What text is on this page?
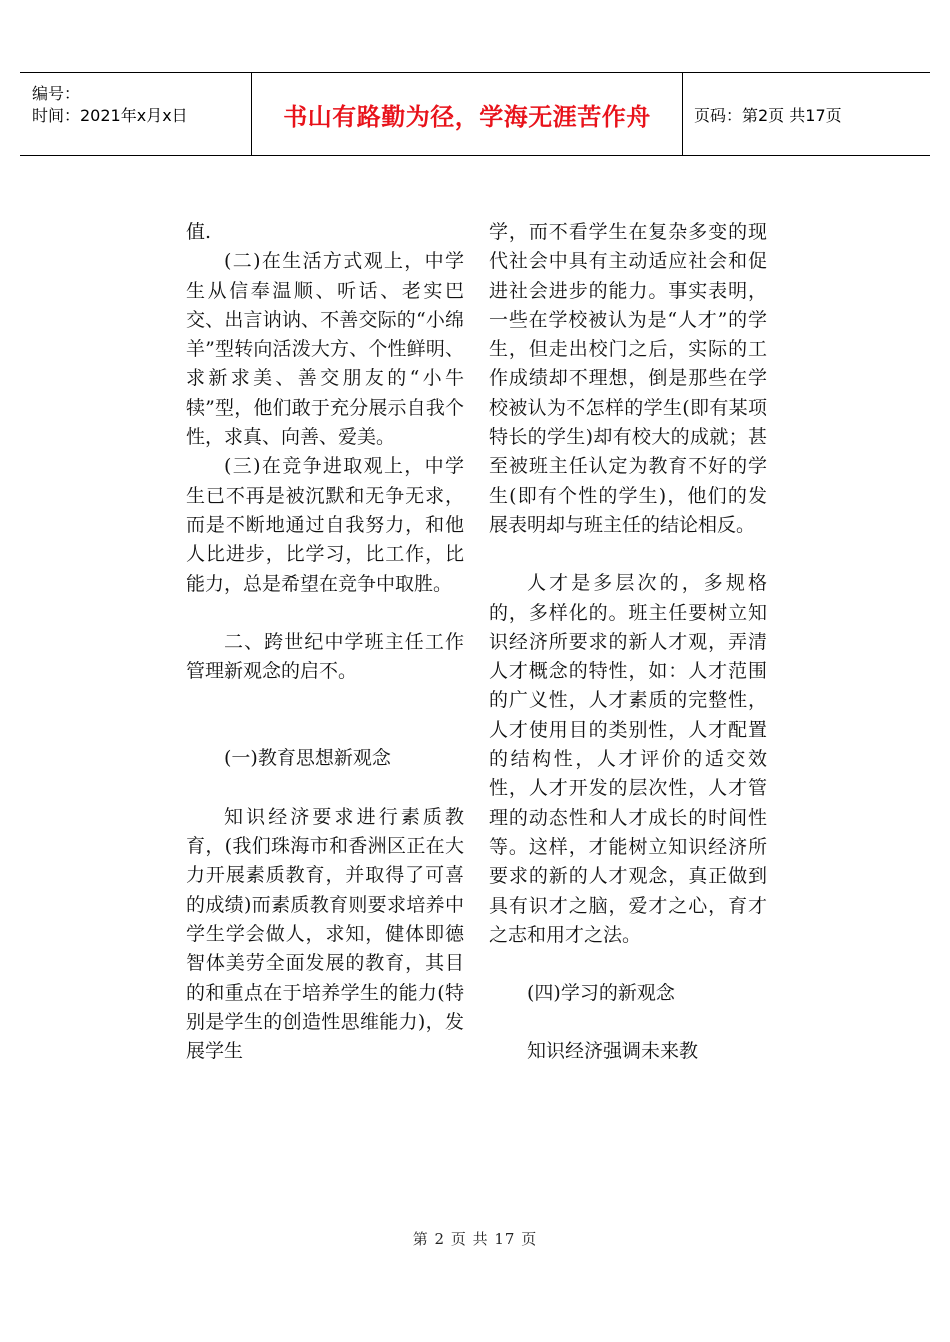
编号：
时间：2021年x月x日	书山有路勤为径，学海无涯苦作舟	页码：第2页 共17页

值.

(二)在生活方式观上，中学生从信奉温顺、听话、老实巴交、出言讷讷、不善交际的“小绵羊”型转向活泼大方、个性鲜明、求新求美、善交朋友的“小牛犊”型，他们敢于充分展示自我个性，求真、向善、爱美。

(三)在竞争进取观上，中学生已不再是被沉默和无争无求，而是不断地通过自我努力，和他人比进步，比学习，比工作，比能力，总是希望在竞争中取胜。

二、跨世纪中学班主任工作管理新观念的启不。

(一)教育思想新观念

知识经济要求进行素质教育，(我们珠海市和香洲区正在大力开展素质教育，并取得了可喜的成绩)而素质教育则要求培养中学生学会做人，求知，健体即德智体美劳全面发展的教育，其目的和重点在于培养学生的能力(特别是学生的创造性思维能力)，发展学生

学，而不看学生在复杂多变的现代社会中具有主动适应社会和促进社会进步的能力。事实表明，一些在学校被认为是“人才”的学生，但走出校门之后，实际的工作成绩却不理想，倒是那些在学校被认为不怎样的学生(即有某项特长的学生)却有校大的成就；甚至被班主任认定为教育不好的学生(即有个性的学生)，他们的发展表明却与班主任的结论相反。

人才是多层次的，多规格的，多样化的。班主任要树立知识经济所要求的新人才观，弄清人才概念的特性，如：人才范围的广义性，人才素质的完整性，人才使用目的类别性，人才配置的结构性，人才评价的适交效性，人才开发的层次性，人才管理的动态性和人才成长的时间性等。这样，才能树立知识经济所要求的新的人才观念，真正做到具有识才之脑，爱才之心，育才之志和用才之法。

(四)学习的新观念

知识经济强调未来教

第 2 页 共 17 页
